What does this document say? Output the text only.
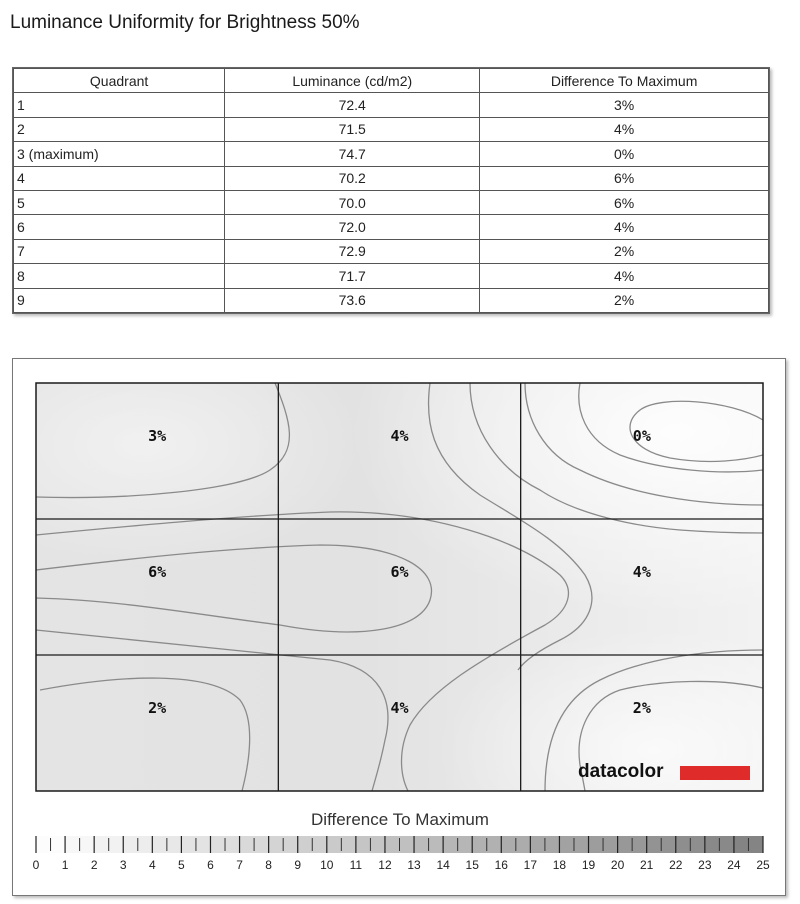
Luminance Uniformity for Brightness 50%
Quadrant	Luminance (cd/m2)	Difference To Maximum
1	72.4	3%
2	71.5	4%
3 (maximum)	74.7	0%
4	70.2	6%
5	70.0	6%
6	72.0	4%
7	72.9	2%
8	71.7	4%
9	73.6	2%
3%	4%	0%
6%	6%	4%
2%	4%	2%
datacolor
0 1 2 3 4 5 6 7 8 9 10 11 12 13 14 15 16 17 18 19 20 21 22 23 24 25
Difference To Maximum
